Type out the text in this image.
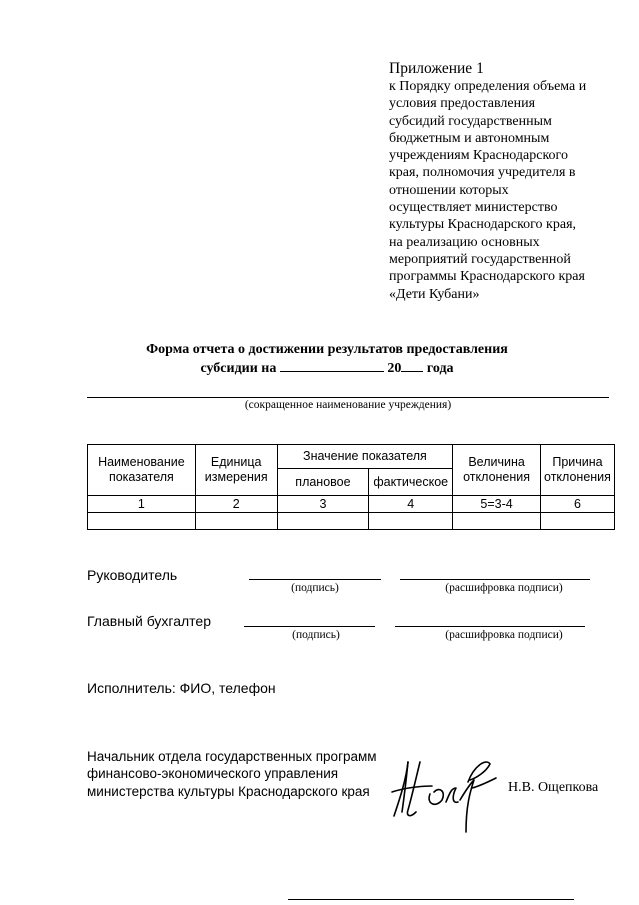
Приложение 1
к Порядку определения объема и
условия предоставления
субсидий государственным
бюджетным и автономным
учреждениям Краснодарского
края, полномочия учредителя в
отношении которых
осуществляет министерство
культуры Краснодарского края,
на реализацию основных
мероприятий государственной
программы Краснодарского края
«Дети Кубани»
Форма отчета о достижении результатов предоставления
субсидии на	20 года
(сокращенное наименование учреждения)
Наименование показателя	Единица измерения	Значение показателя		Величина отклонения	Причина отклонения
		плановое	фактическое		
1	2	3	4	5=3-4	6

Руководитель
(подпись)	(расшифровка подписи)
Главный бухгалтер
(подпись)	(расшифровка подписи)
Исполнитель: ФИО, телефон
Начальник отдела государственных программ
финансово-экономического управления
министерства культуры Краснодарского края	Н.В. Ощепкова
